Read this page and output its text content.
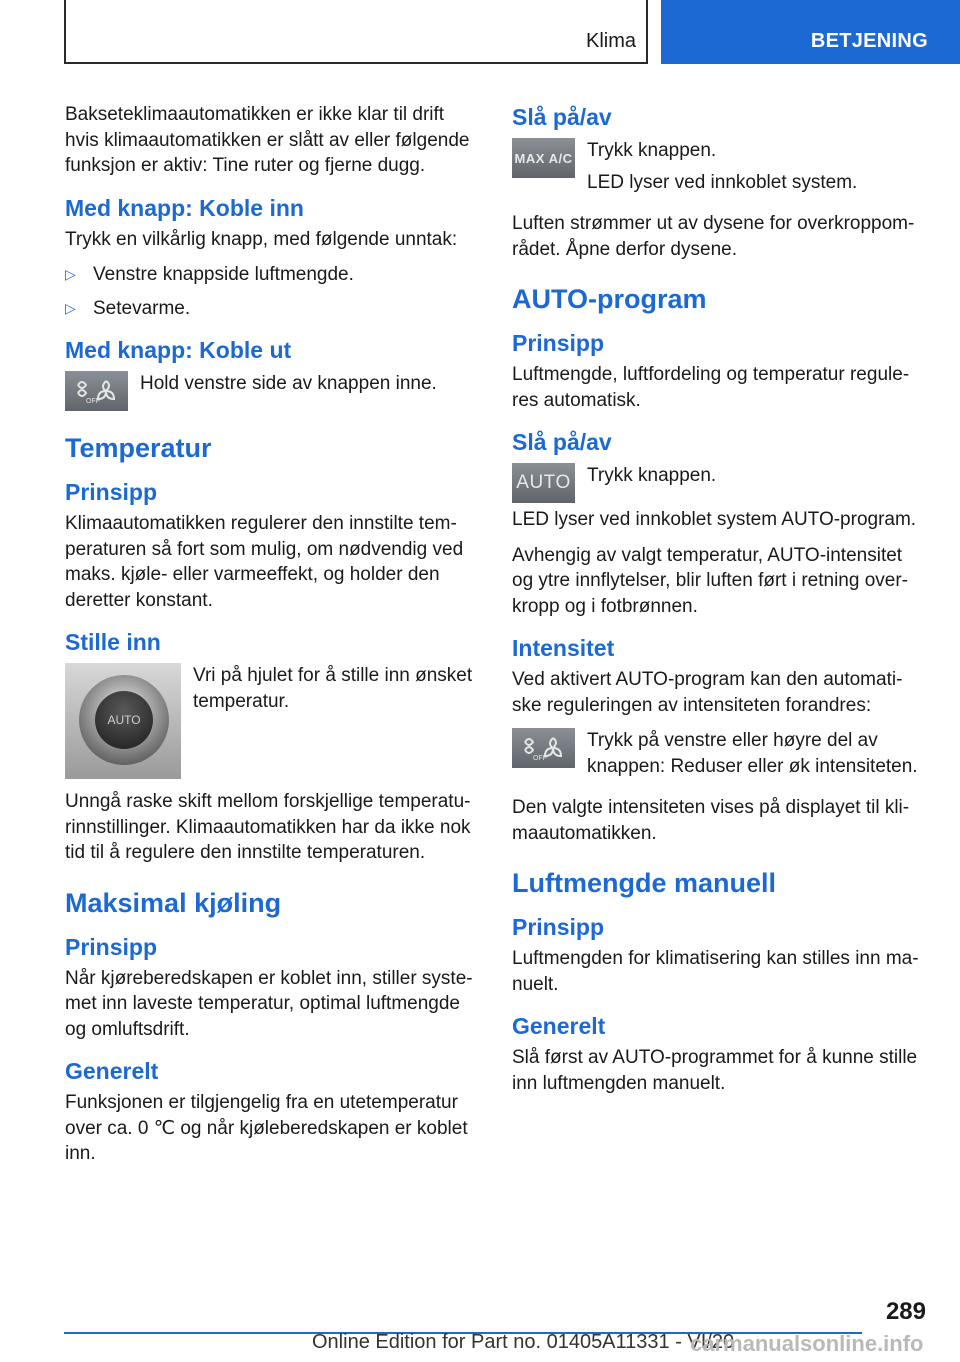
Klima	BETJENING

Bakseteklimaautomatikken er ikke klar til drift hvis klimaautomatikken er slått av eller følgende funksjon er aktiv: Tine ruter og fjerne dugg.

Med knapp: Koble inn

Trykk en vilkårlig knapp, med følgende unntak:

▷ Venstre knappside luftmengde.
▷ Setevarme.
Med knapp: Koble ut
OFF

Hold venstre side av knappen inne.

Temperatur
Prinsipp

Klimaautomatikken regulerer den innstilte temperaturen så fort som mulig, om nødvendig ved maks. kjøle- eller varmeeffekt, og holder den deretter konstant.

Stille inn
AUTO

Vri på hjulet for å stille inn ønsket temperatur.

Unngå raske skift mellom forskjellige temperaturinnstillinger. Klimaautomatikken har da ikke nok tid til å regulere den innstilte temperaturen.

Maksimal kjøling
Prinsipp

Når kjøreberedskapen er koblet inn, stiller systemet inn laveste temperatur, optimal luftmengde og omluftsdrift.

Generelt

Funksjonen er tilgjengelig fra en utetemperatur over ca. 0 ℃ og når kjøleberedskapen er koblet inn.

Slå på/av
MAX A/C Trykk knappen.

LED lyser ved innkoblet system.

Luften strømmer ut av dysene for overkroppområdet. Åpne derfor dysene.

AUTO-program
Prinsipp

Luftmengde, luftfordeling og temperatur reguleres automatisk.

Slå på/av
AUTO Trykk knappen.

LED lyser ved innkoblet system AUTO-program.

Avhengig av valgt temperatur, AUTO-intensitet og ytre innflytelser, blir luften ført i retning overkropp og i fotbrønnen.

Intensitet

Ved aktivert AUTO-program kan den automatiske reguleringen av intensiteten forandres:

OFF

Trykk på venstre eller høyre del av knappen: Reduser eller øk intensiteten.

Den valgte intensiteten vises på displayet til klimaautomatikken.

Luftmengde manuell
Prinsipp

Luftmengden for klimatisering kan stilles inn manuelt.

Generelt

Slå først av AUTO-programmet for å kunne stille inn luftmengden manuelt.

289
Online Edition for Part no. 01405A11331 - VI/20
carmanualsonline.info
